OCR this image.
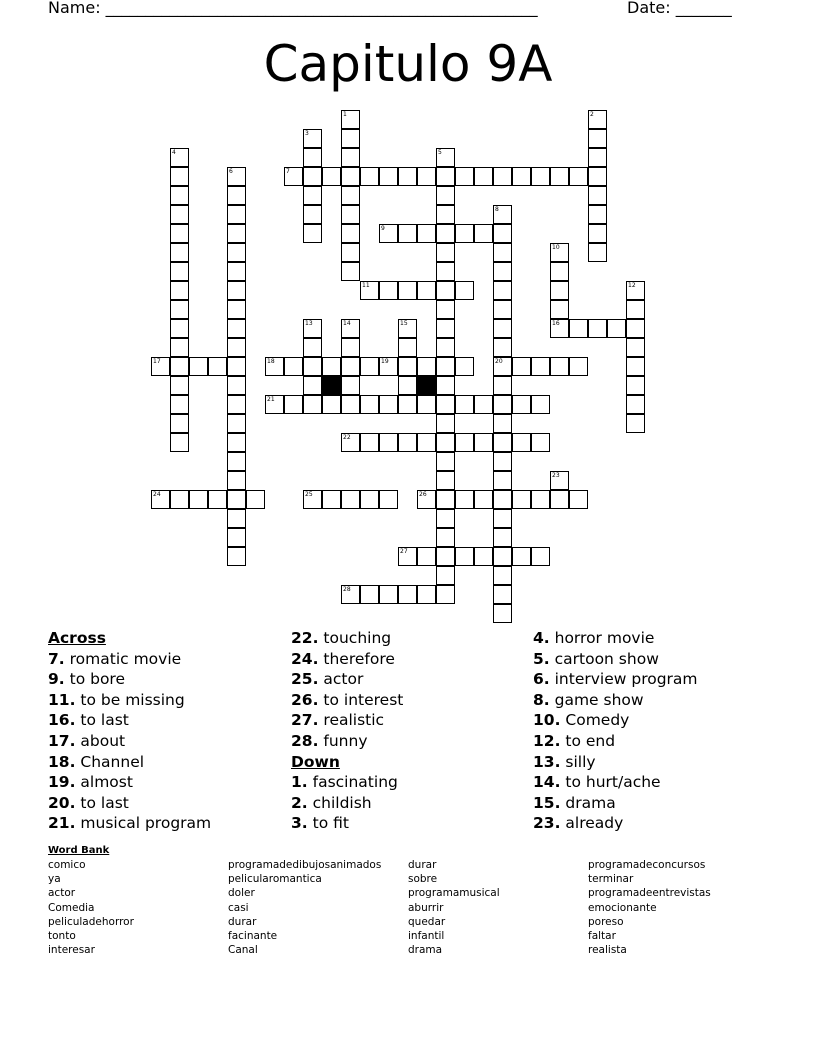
Name: ______________________________________________________	Date: _______
Capitulo 9A
1	2
3
4	5
6	7
8
9
10
11	12
13	14	15	16
17	18	19	20
21
22
23
24	25	26
27
28
Across
7. romatic movie
9. to bore
11. to be missing
16. to last
17. about
18. Channel
19. almost
20. to last
21. musical program
22. touching
24. therefore
25. actor
26. to interest
27. realistic
28. funny
Down
1. fascinating
2. childish
3. to fit
4. horror movie
5. cartoon show
6. interview program
8. game show
10. Comedy
12. to end
13. silly
14. to hurt/ache
15. drama
23. already
Word Bank
comico
ya
actor
Comedia
peliculadehorror
tonto
interesar
programadedibujosanimados
pelicularomantica
doler
casi
durar
facinante
Canal
durar
sobre
programamusical
aburrir
quedar
infantil
drama
programadeconcursos
terminar
programadeentrevistas
emocionante
poreso
faltar
realista
